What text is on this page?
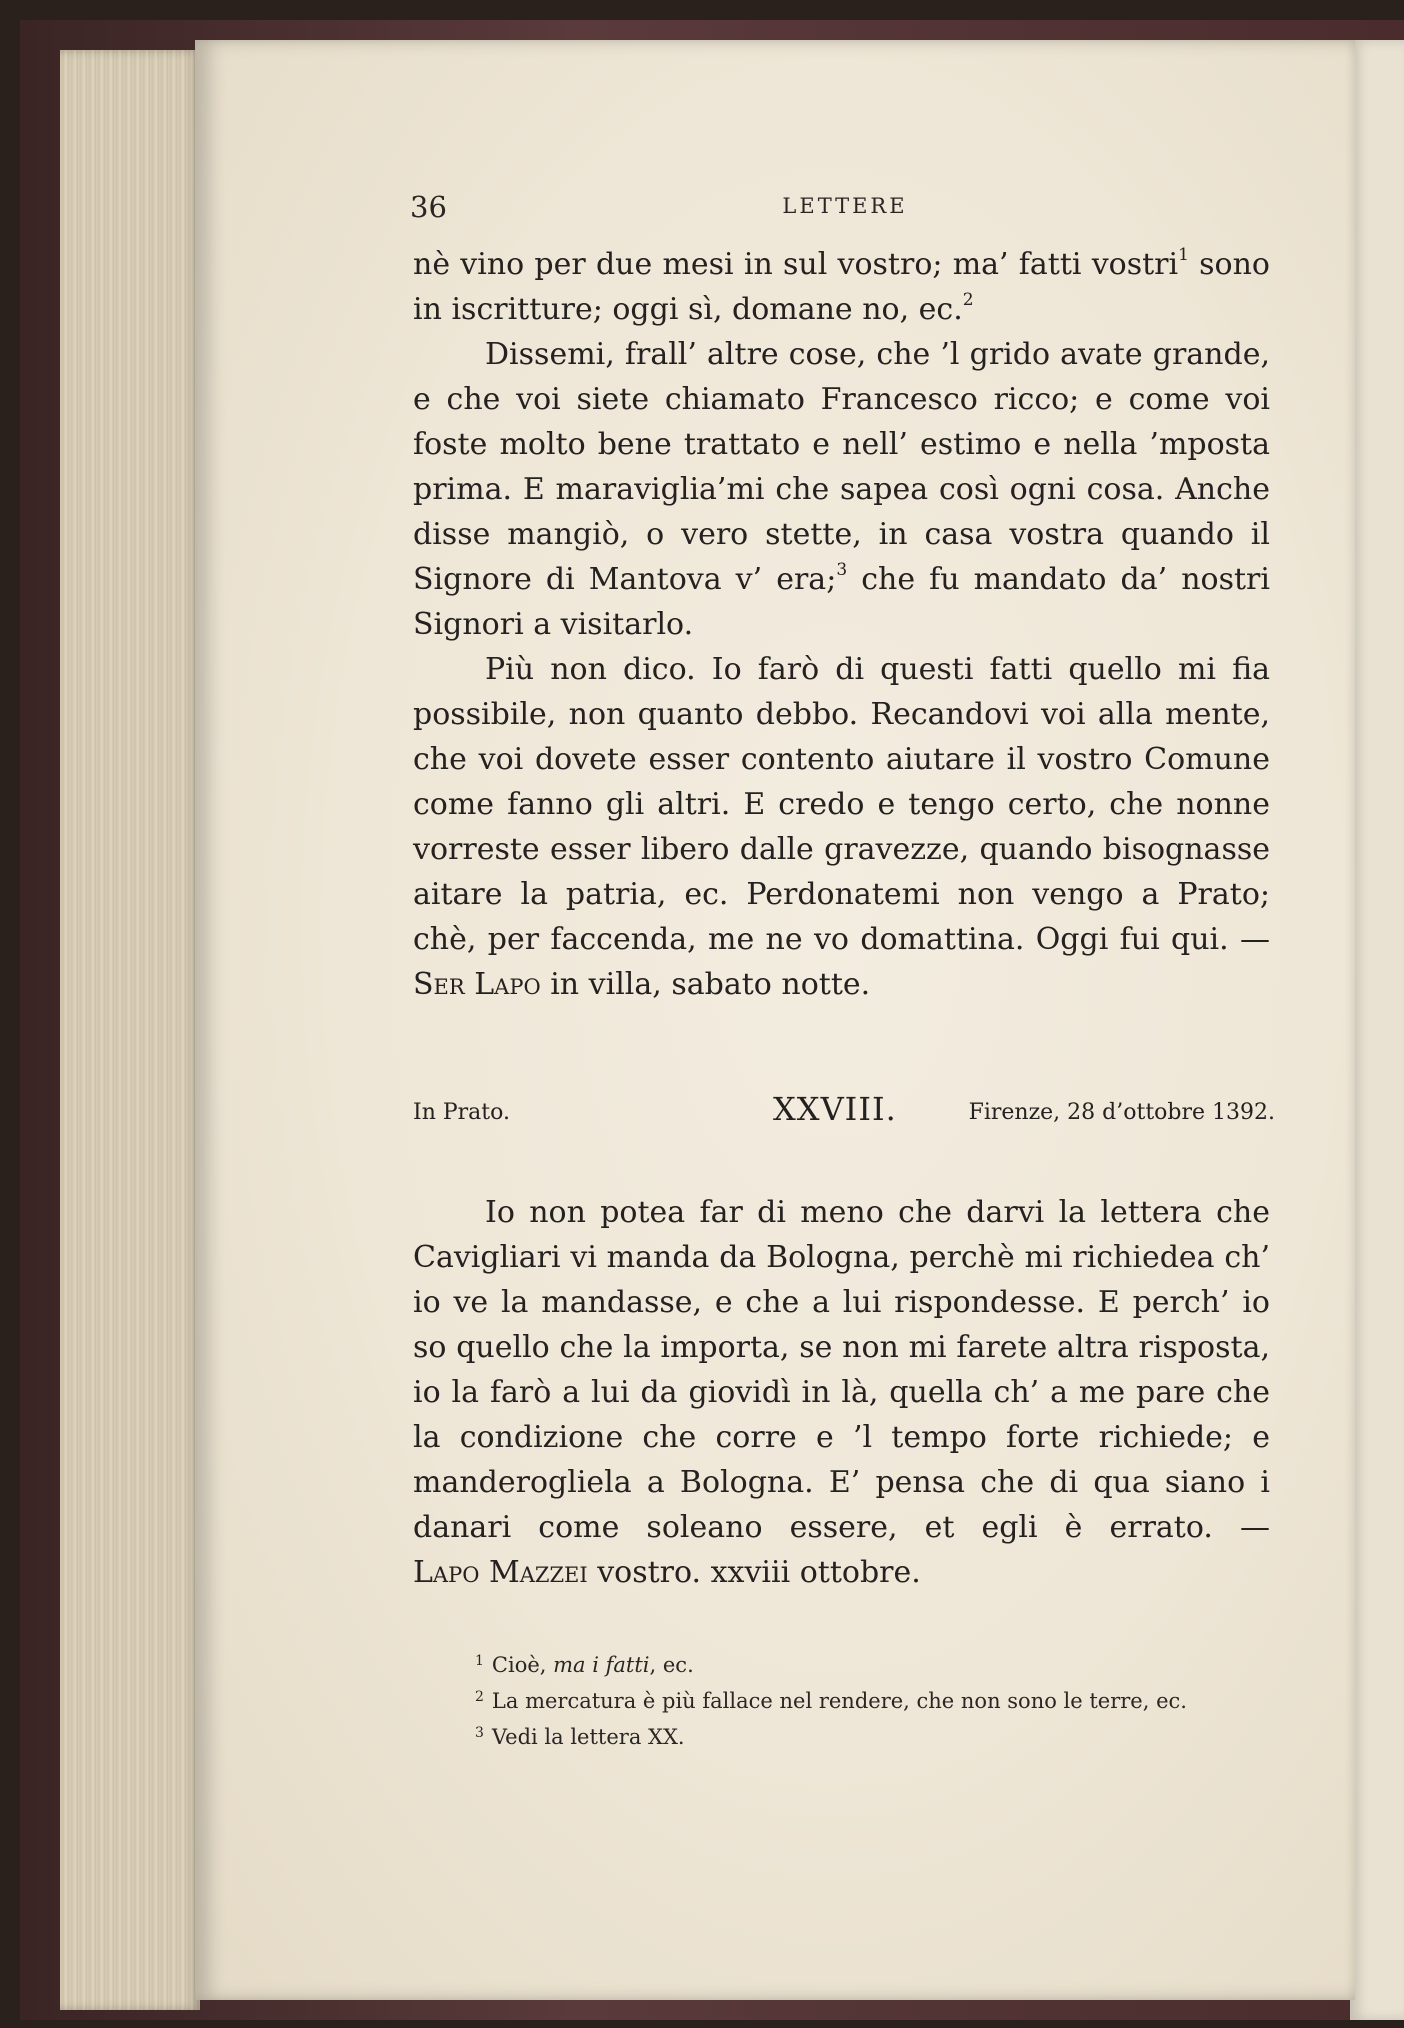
36	LETTERE

nè vino per due mesi in sul vostro; ma’ fatti vostri$^1$ sono

in iscritture; oggi sì, domane no, ec.$^2$

Dissemi, frall’ altre cose, che ’l grido avate grande, e che voi siete chiamato Francesco ricco; e come voi foste molto bene trattato e nell’ estimo e nella ’mposta prima. E maraviglia’mi che sapea così ogni cosa. Anche disse mangiò, o vero stette, in casa vostra quando il

Signore di Mantova v’ era;$^3$ che fu mandato da’ nostri

Signori a visitarlo.

Più non dico. Io farò di questi fatti quello mi fia possibile, non quanto debbo. Recandovi voi alla mente, che voi dovete esser contento aiutare il vostro Comune come fanno gli altri. E credo e tengo certo, che nonne vorreste esser libero dalle gravezze, quando bisognasse aitare la patria, ec. Perdonatemi non vengo a Prato; chè, per faccenda, me ne vo domattina. Oggi fui qui. —

Ser Lapo in villa, sabato notte.

In Prato.	XXVIII.	Firenze, 28 d’ottobre 1392.

Io non potea far di meno che darvi la lettera che Cavigliari vi manda da Bologna, perchè mi richiedea ch’ io ve la mandasse, e che a lui rispondesse. E perch’ io so quello che la importa, se non mi farete altra risposta, io la farò a lui da giovidì in là, quella ch’ a me pare che la condizione che corre e ’l tempo forte richiede; e manderogliela a Bologna. E’ pensa che di qua siano i danari come soleano essere, et egli è errato. —

Lapo Mazzei vostro. xxviii ottobre.

$^1$ Cioè, ma i fatti, ec.
$^2$ La mercatura è più fallace nel rendere, che non sono le terre, ec.
$^3$ Vedi la lettera XX.
